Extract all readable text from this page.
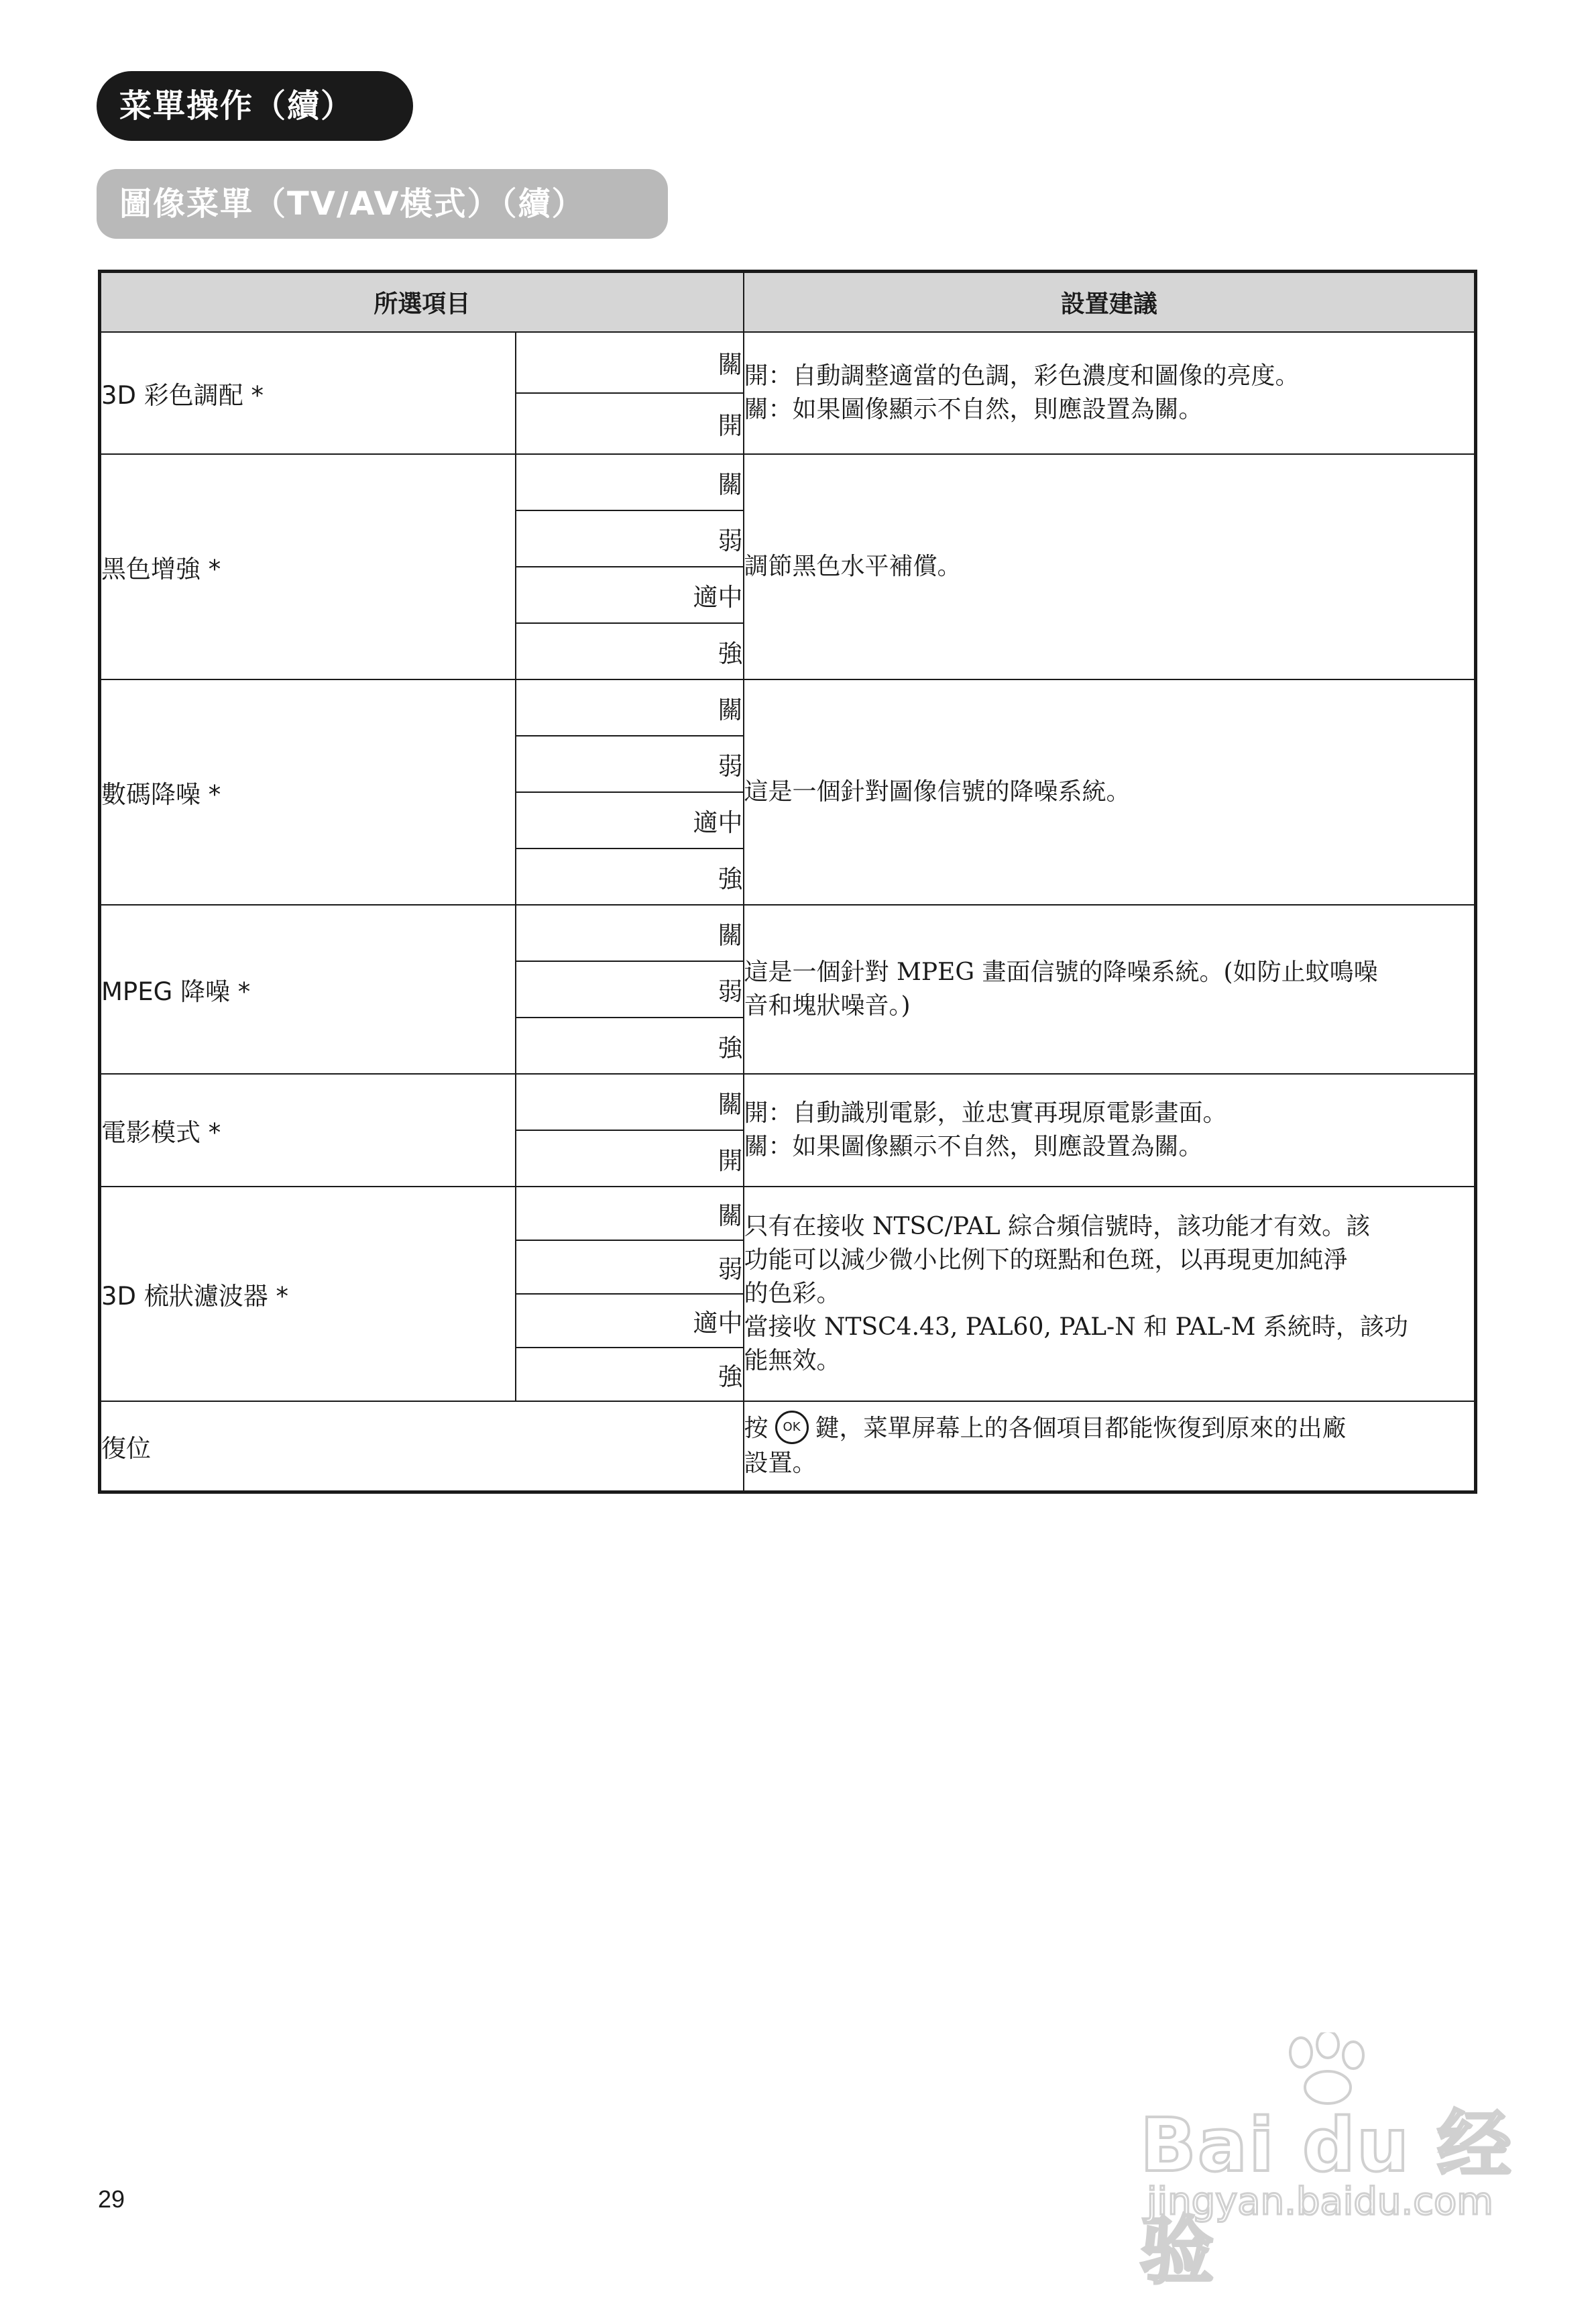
菜單操作（續）
圖像菜單（TV/AV模式）（續）
所選項目		設置建議
3D 彩色調配 *	關	開：自動調整適當的色調，彩色濃度和圖像的亮度。
關：如果圖像顯示不自然，則應設置為關。

	開	
黑色增強 *	關	調節黑色水平補償。

	弱	
	適中	
	強	
數碼降噪 *	關	這是一個針對圖像信號的降噪系統。

	弱	
	適中	
	強	
MPEG 降噪 *	關	這是一個針對 MPEG 畫面信號的降噪系統。(如防止蚊鳴噪
音和塊狀噪音。)

	弱	
	強	
電影模式 *	關	開：自動識別電影，並忠實再現原電影畫面。
關：如果圖像顯示不自然，則應設置為關。

	開	
3D 梳狀濾波器 *	關	只有在接收 NTSC/PAL 綜合頻信號時，該功能才有效。該
功能可以減少微小比例下的斑點和色斑，以再現更加純淨
的色彩。
當接收 NTSC4.43, PAL60, PAL-N 和 PAL-M 系統時，該功
能無效。

	弱	
	適中	
	強	
復位		按 OK 鍵，菜單屏幕上的各個項目都能恢復到原來的出廠
設置。
29
Bai du 经验
jingyan.baidu.com
